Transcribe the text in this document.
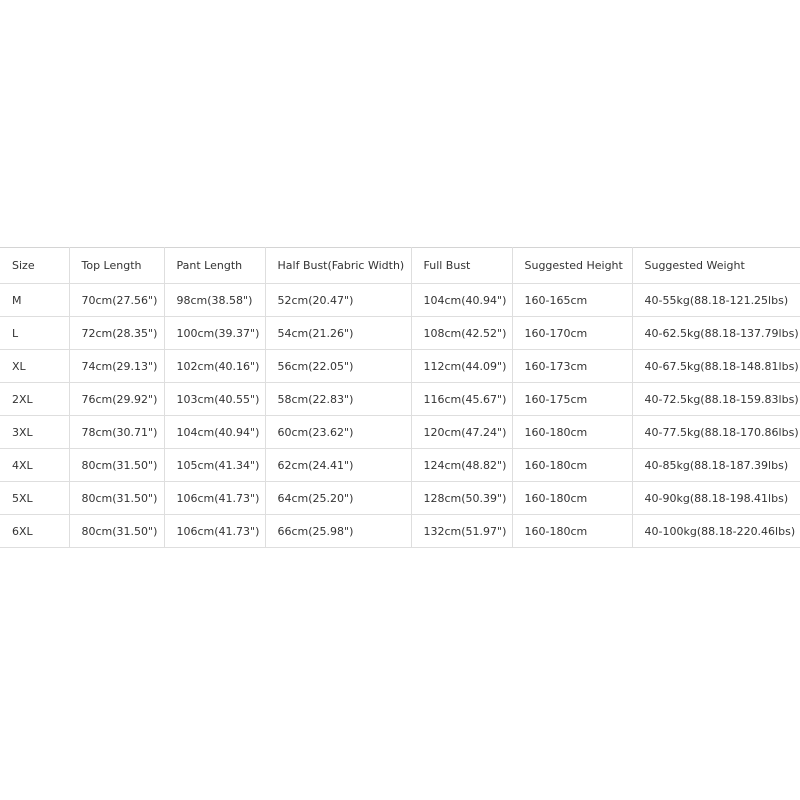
Size	Top Length	Pant Length	Half Bust(Fabric Width)	Full Bust	Suggested Height	Suggested Weight
M	70cm(27.56")	98cm(38.58")	52cm(20.47")	104cm(40.94")	160-165cm	40-55kg(88.18-121.25lbs)
L	72cm(28.35")	100cm(39.37")	54cm(21.26")	108cm(42.52")	160-170cm	40-62.5kg(88.18-137.79lbs)
XL	74cm(29.13")	102cm(40.16")	56cm(22.05")	112cm(44.09")	160-173cm	40-67.5kg(88.18-148.81lbs)
2XL	76cm(29.92")	103cm(40.55")	58cm(22.83")	116cm(45.67")	160-175cm	40-72.5kg(88.18-159.83lbs)
3XL	78cm(30.71")	104cm(40.94")	60cm(23.62")	120cm(47.24")	160-180cm	40-77.5kg(88.18-170.86lbs)
4XL	80cm(31.50")	105cm(41.34")	62cm(24.41")	124cm(48.82")	160-180cm	40-85kg(88.18-187.39lbs)
5XL	80cm(31.50")	106cm(41.73")	64cm(25.20")	128cm(50.39")	160-180cm	40-90kg(88.18-198.41lbs)
6XL	80cm(31.50")	106cm(41.73")	66cm(25.98")	132cm(51.97")	160-180cm	40-100kg(88.18-220.46lbs)
